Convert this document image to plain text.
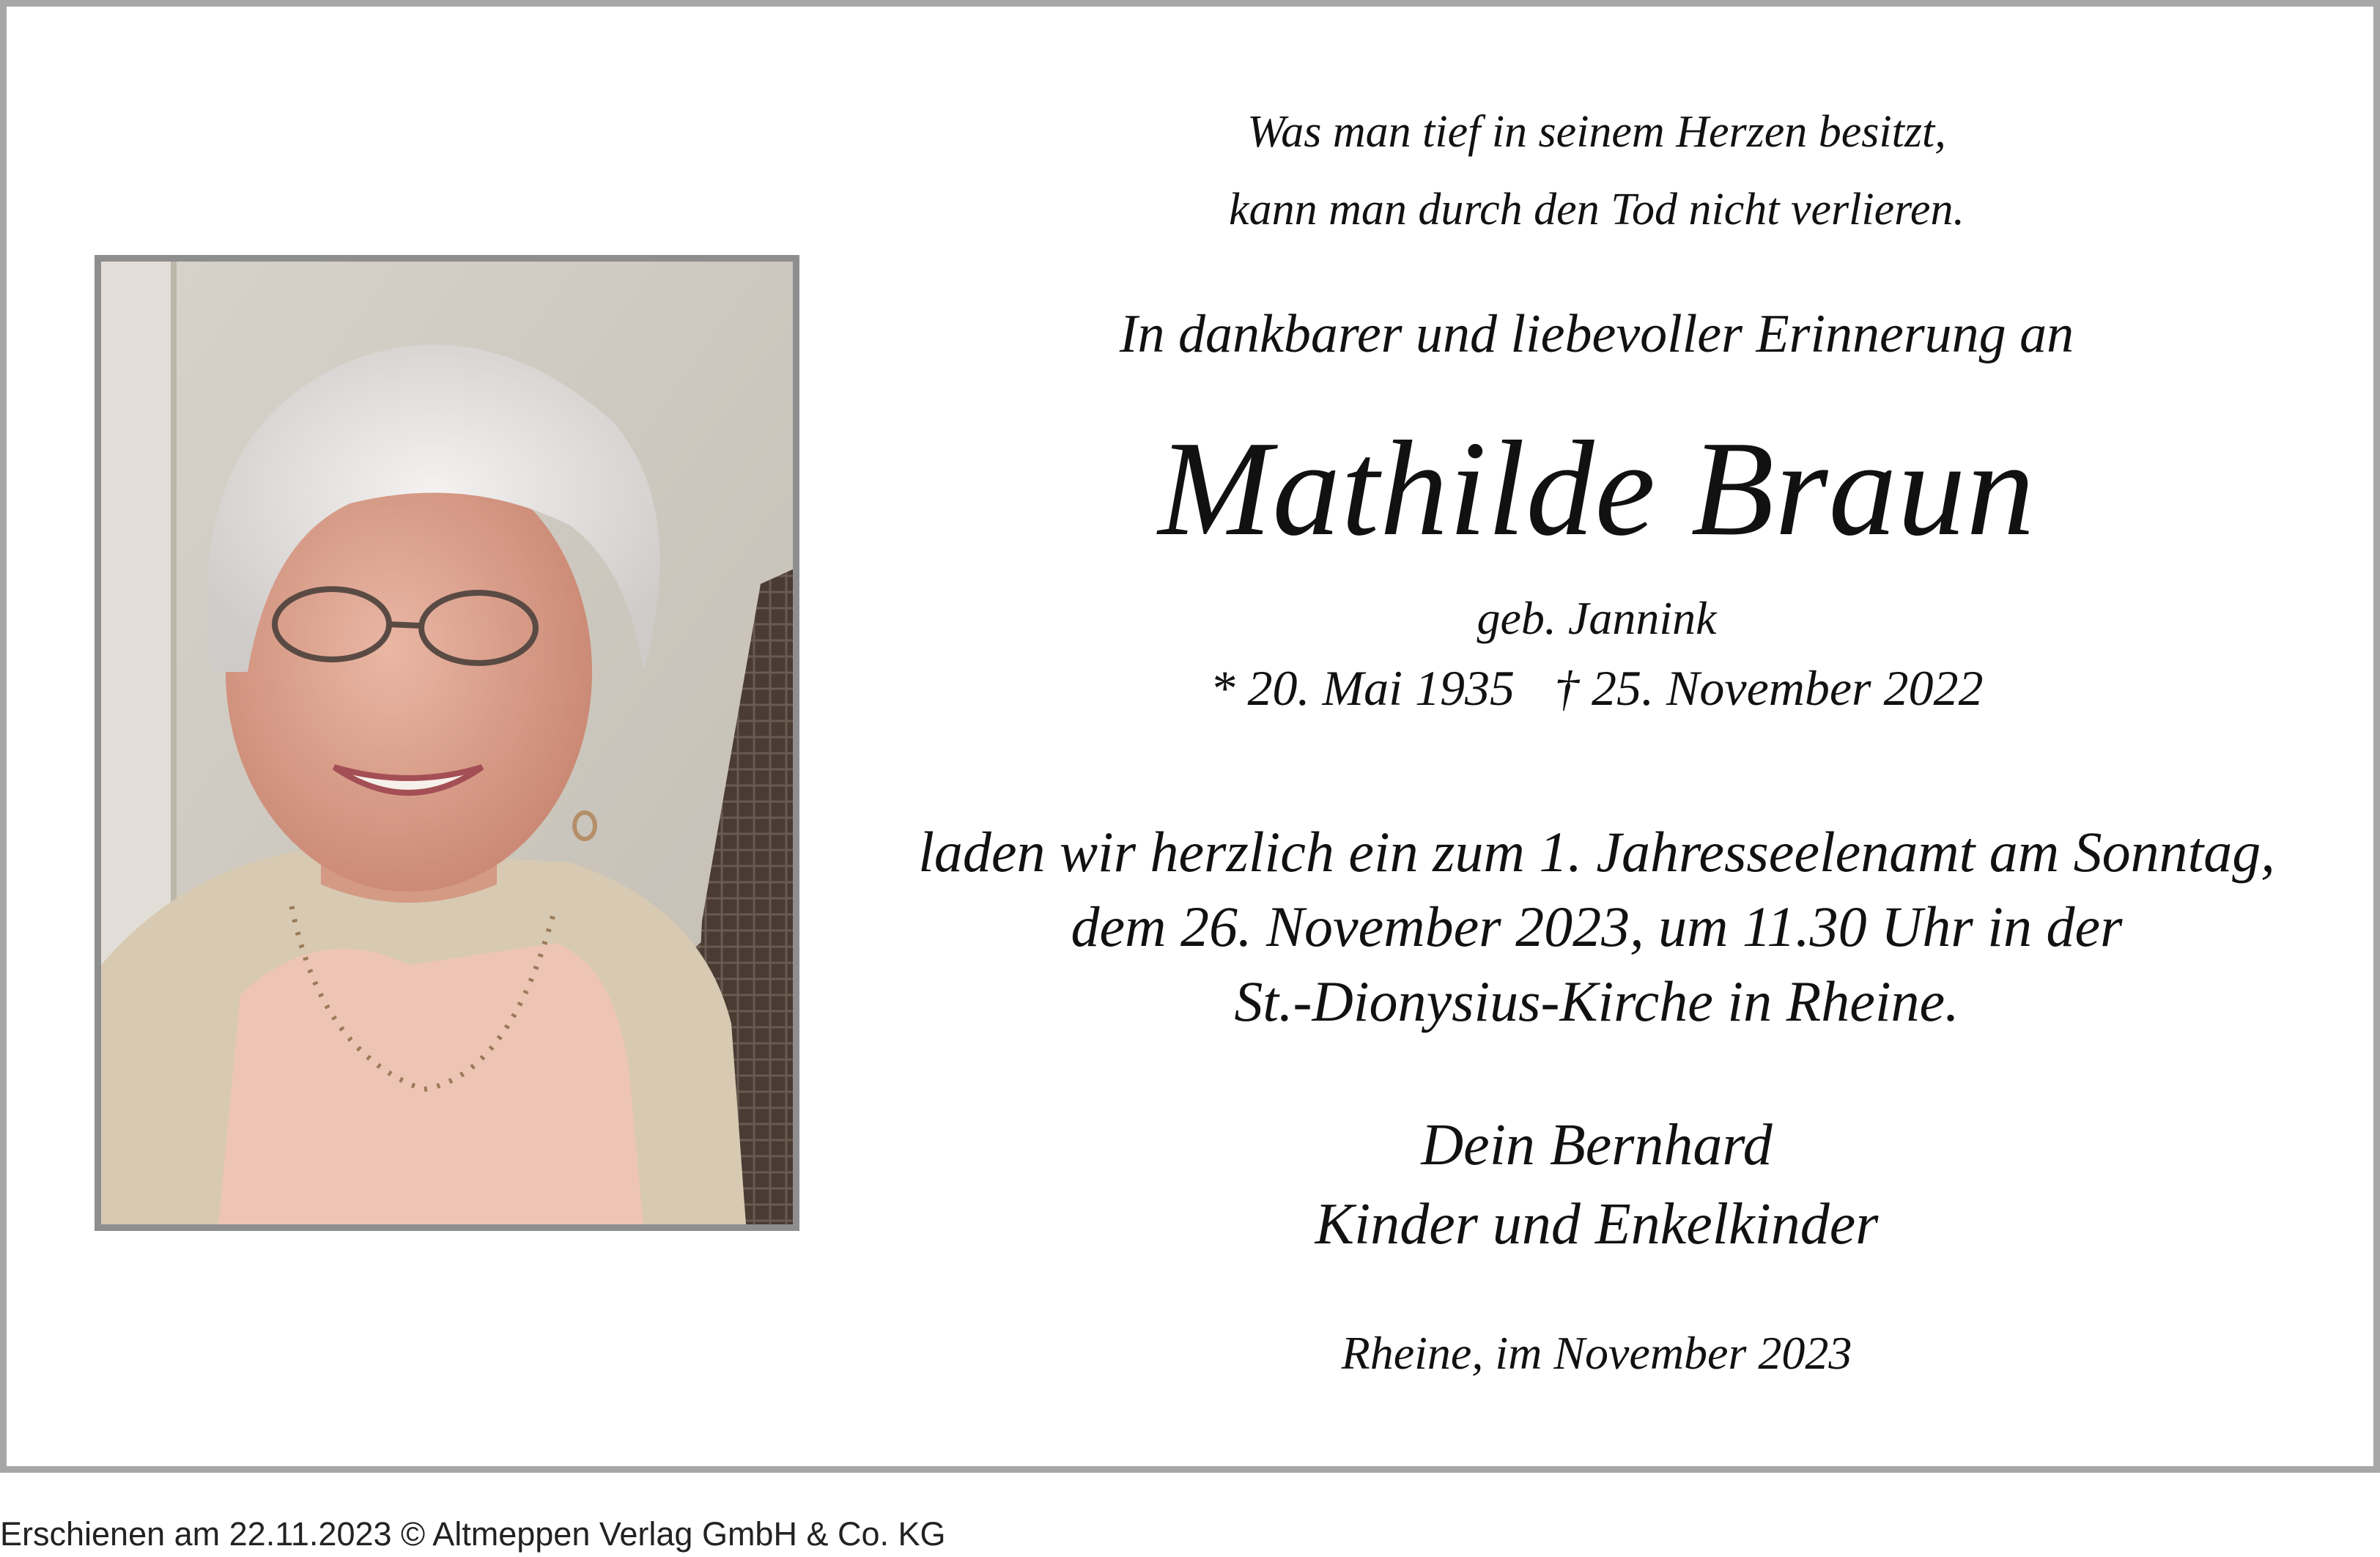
Was man tief in seinem Herzen besitzt,
kann man durch den Tod nicht verlieren.
In dankbarer und liebevoller Erinnerung an
Mathilde Braun
geb. Jannink
* 20. Mai 1935 † 25. November 2022
laden wir herzlich ein zum 1. Jahresseelenamt am Sonntag,
dem 26. November 2023, um 11.30 Uhr in der
St.-Dionysius-Kirche in Rheine.
Dein Bernhard
Kinder und Enkelkinder
Rheine, im November 2023
Erschienen am 22.11.2023 © Altmeppen Verlag GmbH & Co. KG
